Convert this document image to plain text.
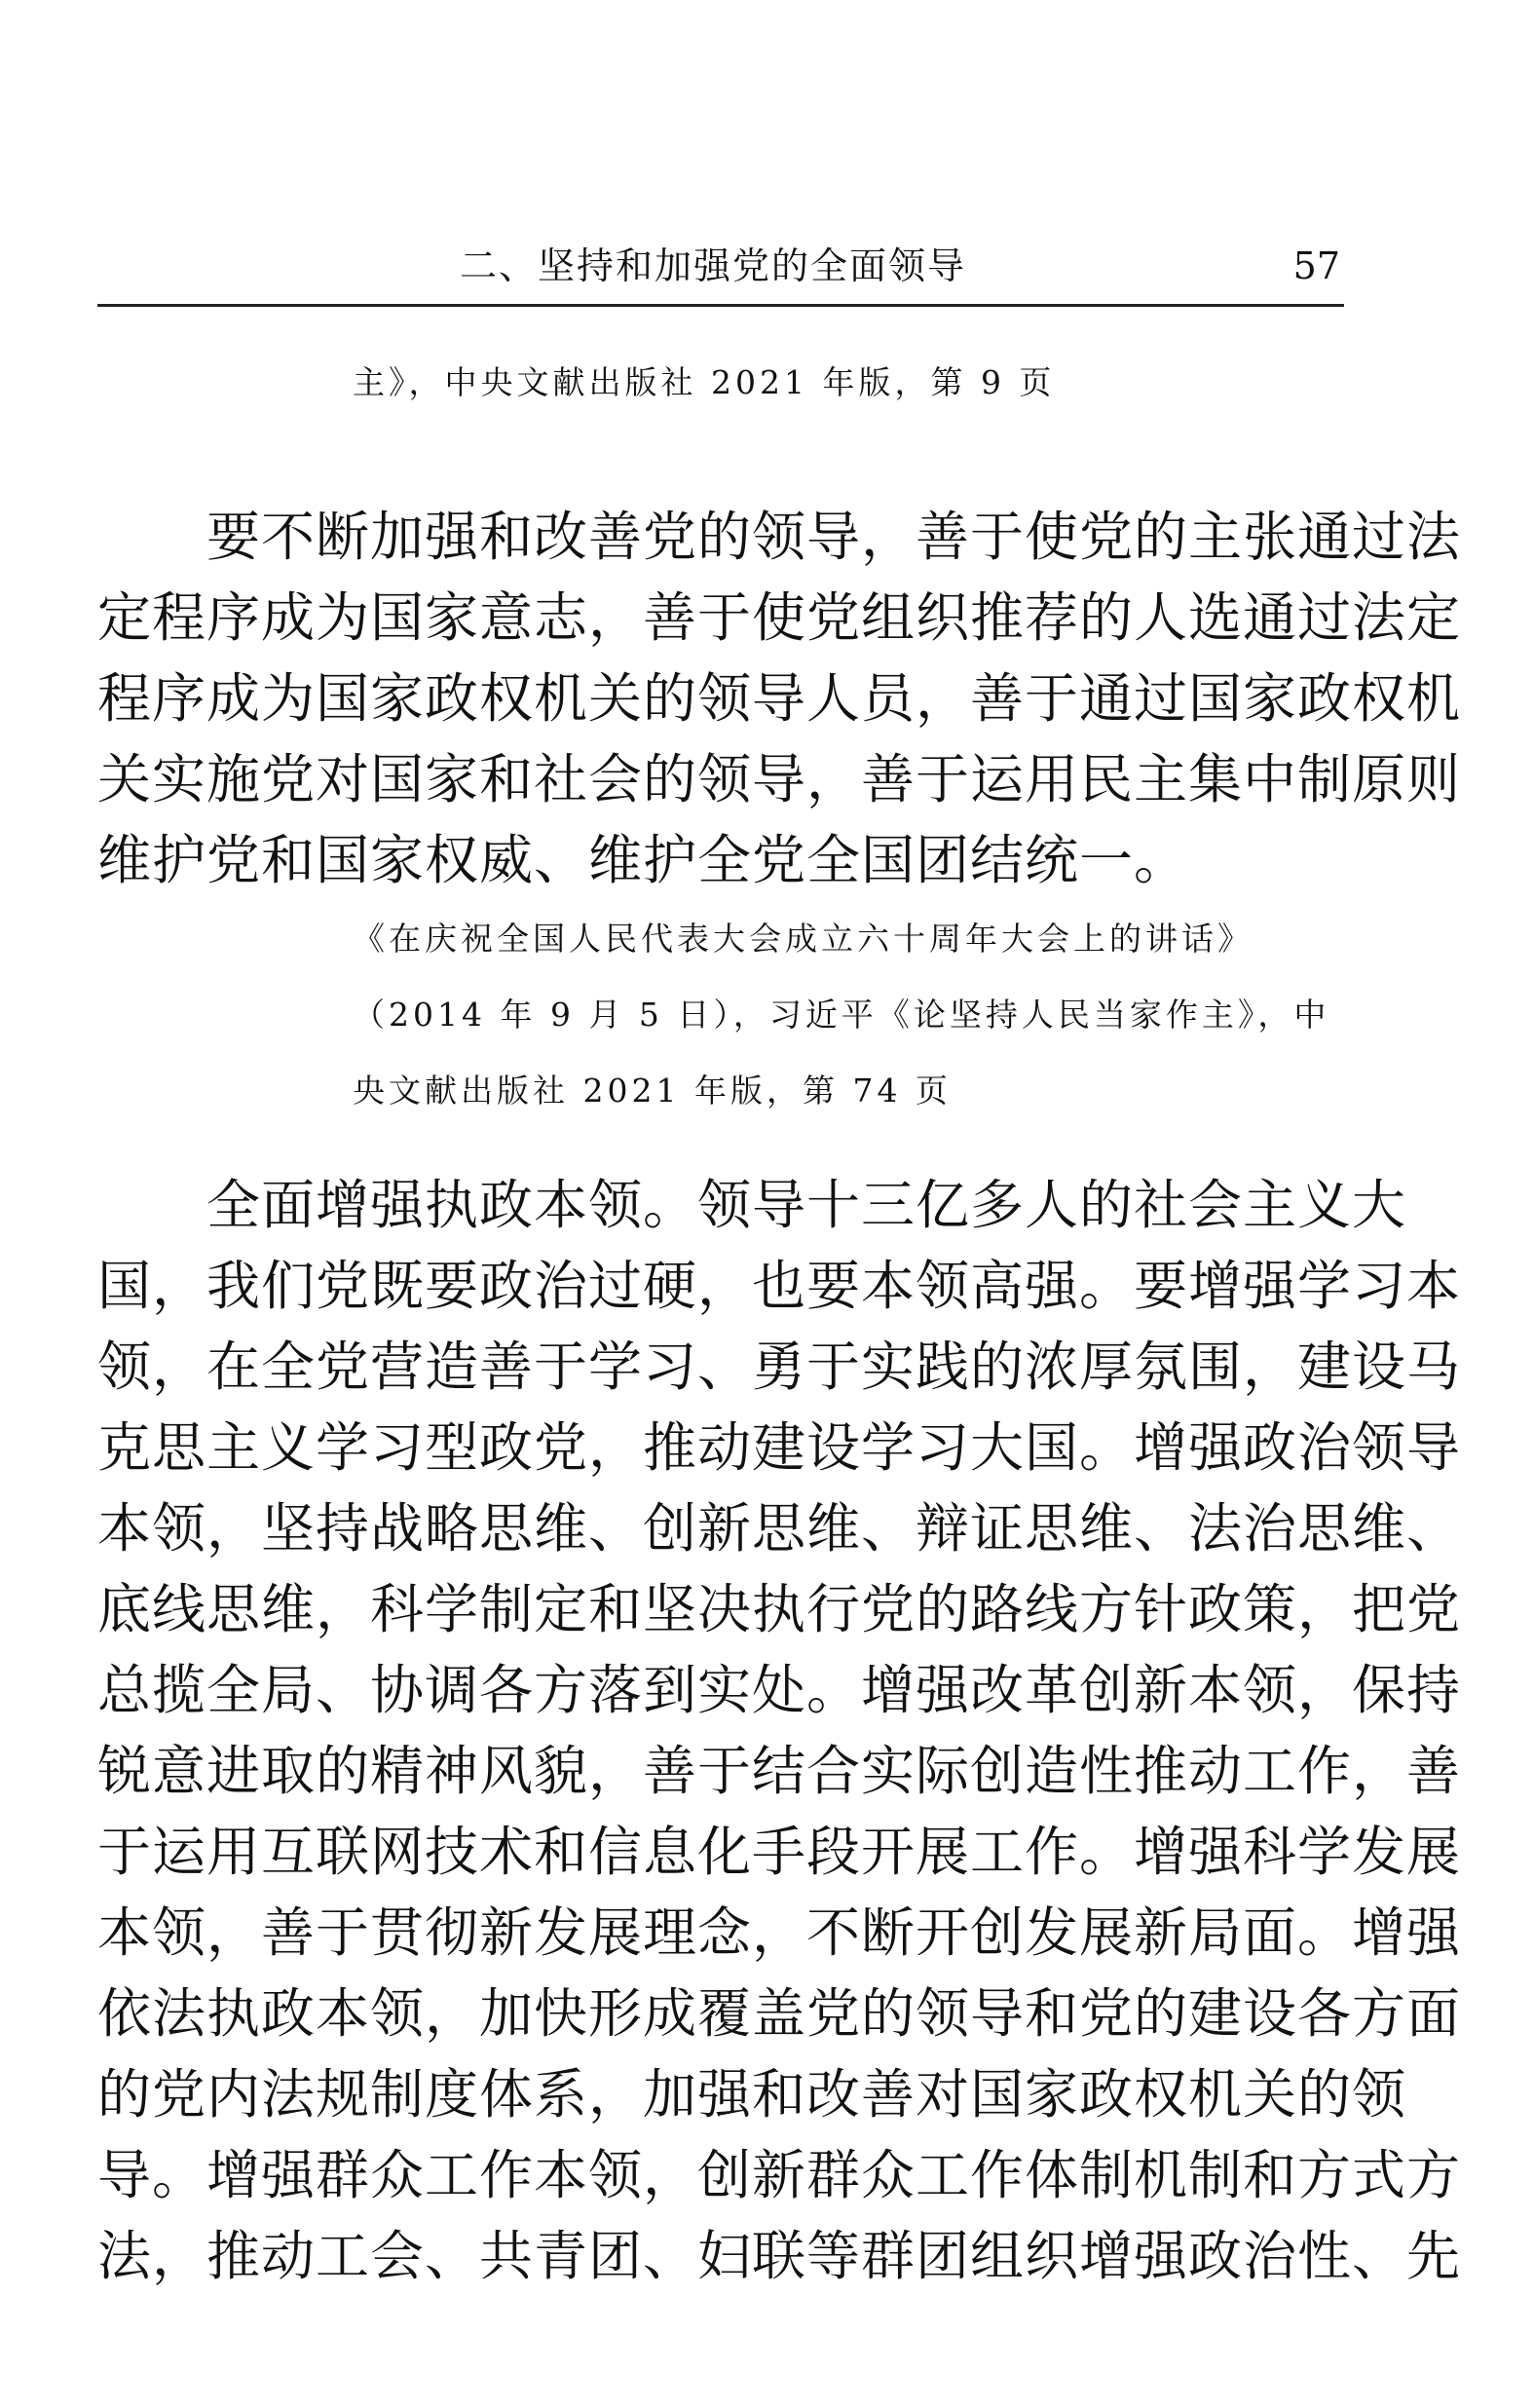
二、坚持和加强党的全面领导	57
主》，中央文献出版社 2021 年版，第 9 页
要不断加强和改善党的领导，善于使党的主张通过法
定程序成为国家意志，善于使党组织推荐的人选通过法定
程序成为国家政权机关的领导人员，善于通过国家政权机
关实施党对国家和社会的领导，善于运用民主集中制原则
维护党和国家权威、维护全党全国团结统一。
《在庆祝全国人民代表大会成立六十周年大会上的讲话》
（2014 年 9 月 5 日），习近平《论坚持人民当家作主》，中
央文献出版社 2021 年版，第 74 页
全面增强执政本领。领导十三亿多人的社会主义大
国，我们党既要政治过硬，也要本领高强。要增强学习本
领，在全党营造善于学习、勇于实践的浓厚氛围，建设马
克思主义学习型政党，推动建设学习大国。增强政治领导
本领，坚持战略思维、创新思维、辩证思维、法治思维、
底线思维，科学制定和坚决执行党的路线方针政策，把党
总揽全局、协调各方落到实处。增强改革创新本领，保持
锐意进取的精神风貌，善于结合实际创造性推动工作，善
于运用互联网技术和信息化手段开展工作。增强科学发展
本领，善于贯彻新发展理念，不断开创发展新局面。增强
依法执政本领，加快形成覆盖党的领导和党的建设各方面
的党内法规制度体系，加强和改善对国家政权机关的领
导。增强群众工作本领，创新群众工作体制机制和方式方
法，推动工会、共青团、妇联等群团组织增强政治性、先
